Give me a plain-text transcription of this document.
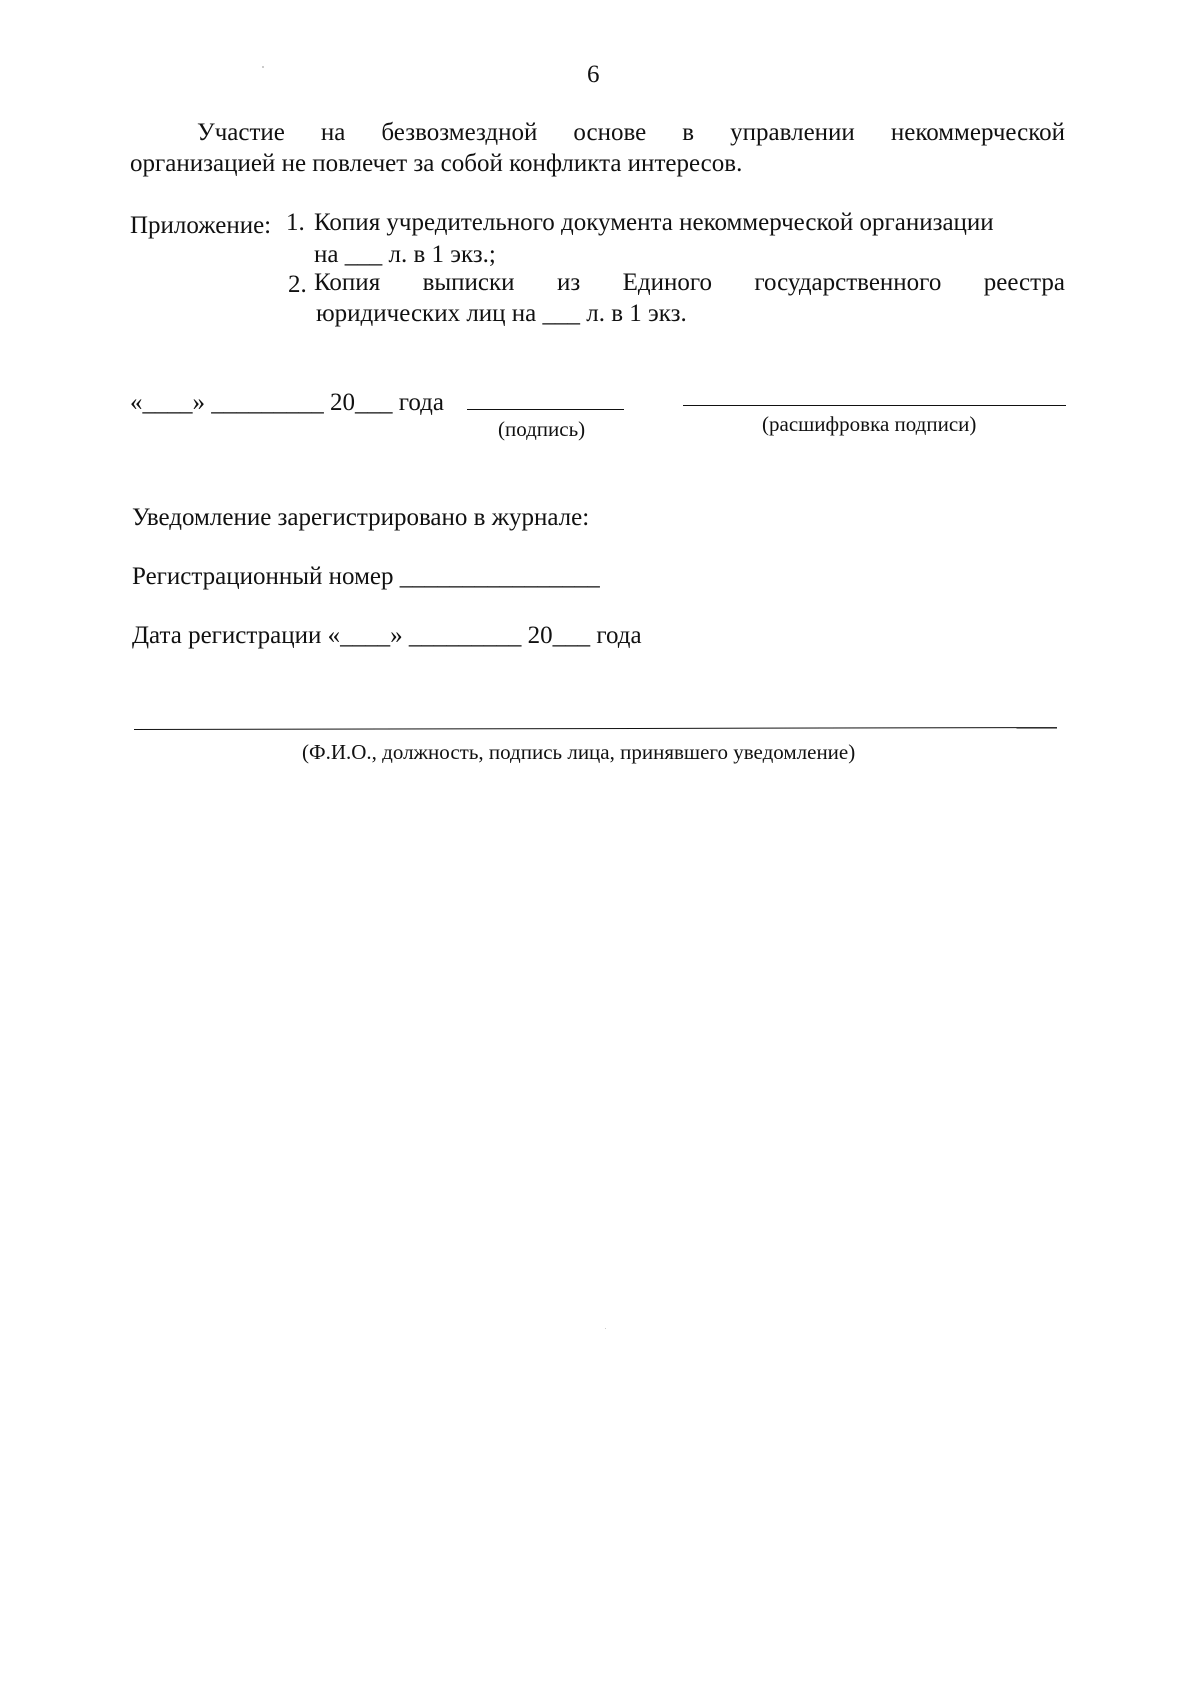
6
Участие на безвозмездной основе в управлении некоммерческой
организацией не повлечет за собой конфликта интересов.
Приложение: 1. Копия учредительного документа некоммерческой организации
на ___ л. в 1 экз.;
2. Копия выписки из Единого государственного реестра
юридических лиц на ___ л. в 1 экз.
«____» _________ 20___ года
(подпись)	(расшифровка подписи)
Уведомление зарегистрировано в журнале:
Регистрационный номер ________________
Дата регистрации «____» _________ 20___ года
(Ф.И.О., должность, подпись лица, принявшего уведомление)
